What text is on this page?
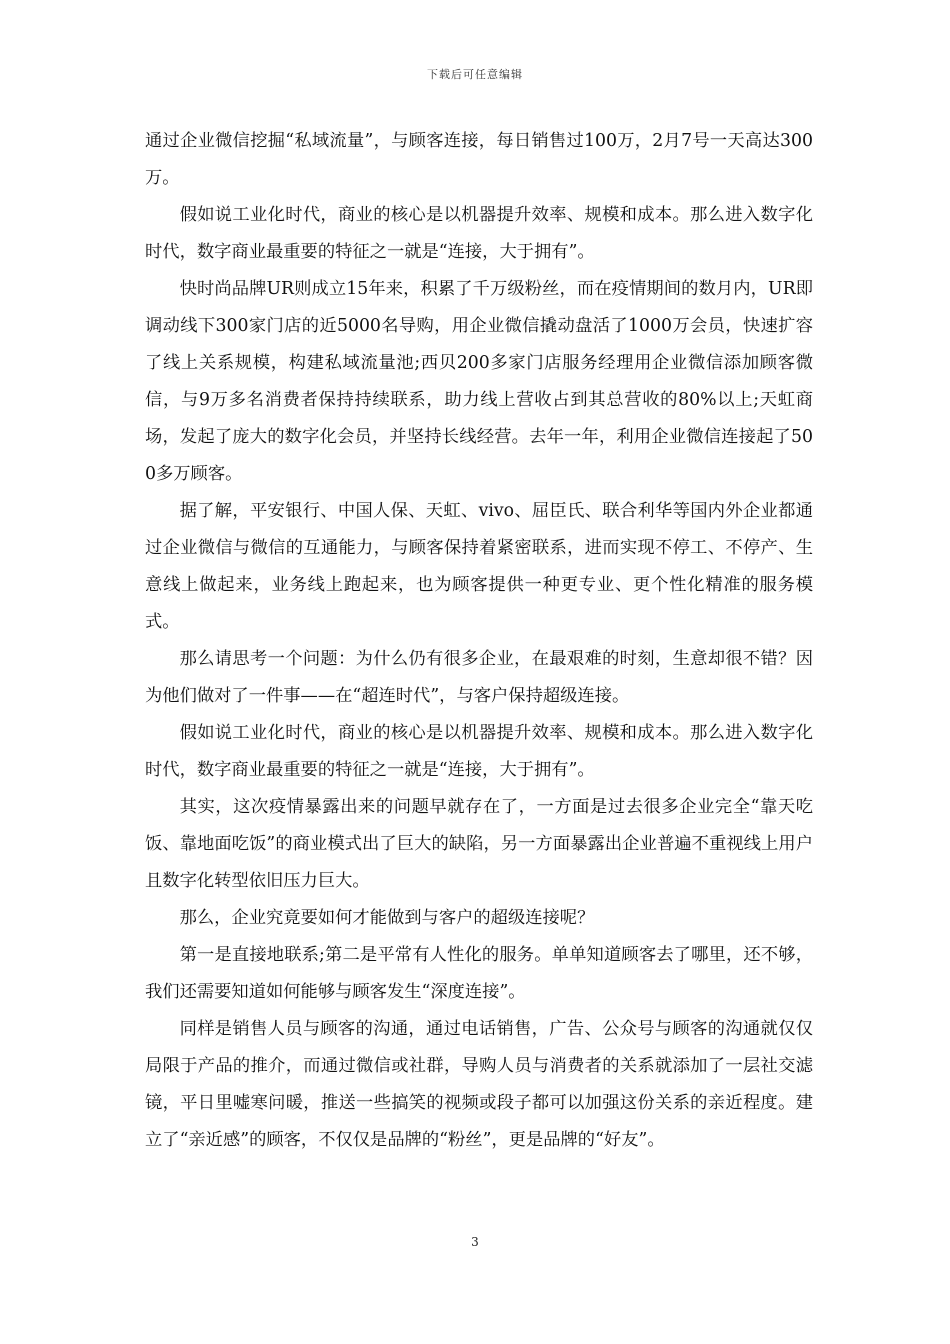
下载后可任意编辑

通过企业微信挖掘“私域流量”，与顾客连接，每日销售过100万，2月7号一天高达300万。

假如说工业化时代，商业的核心是以机器提升效率、规模和成本。那么进入数字化时代，数字商业最重要的特征之一就是“连接，大于拥有”。

快时尚品牌UR则成立15年来，积累了千万级粉丝，而在疫情期间的数月内，UR即调动线下300家门店的近5000名导购，用企业微信撬动盘活了1000万会员，快速扩容了线上关系规模，构建私域流量池;西贝200多家门店服务经理用企业微信添加顾客微信，与9万多名消费者保持持续联系，助力线上营收占到其总营收的80%以上;天虹商场，发起了庞大的数字化会员，并坚持长线经营。去年一年，利用企业微信连接起了500多万顾客。

据了解，平安银行、中国人保、天虹、vivo、屈臣氏、联合利华等国内外企业都通过企业微信与微信的互通能力，与顾客保持着紧密联系，进而实现不停工、不停产、生意线上做起来，业务线上跑起来，也为顾客提供一种更专业、更个性化精准的服务模式。

那么请思考一个问题：为什么仍有很多企业，在最艰难的时刻，生意却很不错？因为他们做对了一件事——在“超连时代”，与客户保持超级连接。

假如说工业化时代，商业的核心是以机器提升效率、规模和成本。那么进入数字化时代，数字商业最重要的特征之一就是“连接，大于拥有”。

其实，这次疫情暴露出来的问题早就存在了，一方面是过去很多企业完全“靠天吃饭、靠地面吃饭”的商业模式出了巨大的缺陷，另一方面暴露出企业普遍不重视线上用户且数字化转型依旧压力巨大。

那么，企业究竟要如何才能做到与客户的超级连接呢？

第一是直接地联系;第二是平常有人性化的服务。单单知道顾客去了哪里，还不够，我们还需要知道如何能够与顾客发生“深度连接”。

同样是销售人员与顾客的沟通，通过电话销售，广告、公众号与顾客的沟通就仅仅局限于产品的推介，而通过微信或社群，导购人员与消费者的关系就添加了一层社交滤镜，平日里嘘寒问暖，推送一些搞笑的视频或段子都可以加强这份关系的亲近程度。建立了“亲近感”的顾客，不仅仅是品牌的“粉丝”，更是品牌的“好友”。

3
